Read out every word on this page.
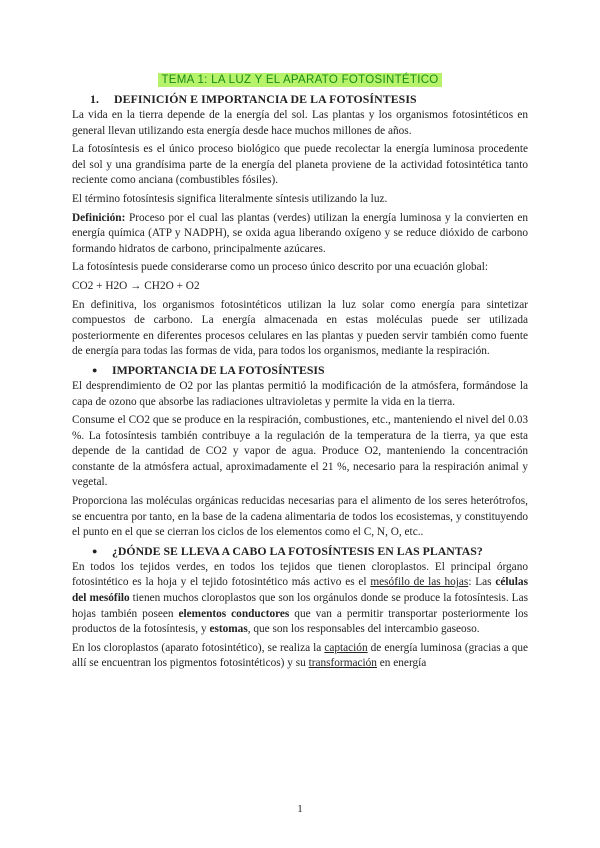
TEMA 1: LA LUZ Y EL APARATO FOTOSINTÉTICO
1. DEFINICIÓN E IMPORTANCIA DE LA FOTOSÍNTESIS

La vida en la tierra depende de la energía del sol. Las plantas y los organismos fotosintéticos en general llevan utilizando esta energía desde hace muchos millones de años.

La fotosíntesis es el único proceso biológico que puede recolectar la energía luminosa procedente del sol y una grandísima parte de la energía del planeta proviene de la actividad fotosintética tanto reciente como anciana (combustibles fósiles).

El término fotosíntesis significa literalmente síntesis utilizando la luz.

Definición: Proceso por el cual las plantas (verdes) utilizan la energía luminosa y la convierten en energía química (ATP y NADPH), se oxida agua liberando oxígeno y se reduce dióxido de carbono formando hidratos de carbono, principalmente azúcares.

La fotosíntesis puede considerarse como un proceso único descrito por una ecuación global:

CO2 + H2O → CH2O + O2

En definitiva, los organismos fotosintéticos utilizan la luz solar como energía para sintetizar compuestos de carbono. La energía almacenada en estas moléculas puede ser utilizada posteriormente en diferentes procesos celulares en las plantas y pueden servir también como fuente de energía para todas las formas de vida, para todos los organismos, mediante la respiración.

● IMPORTANCIA DE LA FOTOSÍNTESIS

El desprendimiento de O2 por las plantas permitió la modificación de la atmósfera, formándose la capa de ozono que absorbe las radiaciones ultravioletas y permite la vida en la tierra.

Consume el CO2 que se produce en la respiración, combustiones, etc., manteniendo el nivel del 0.03 %. La fotosíntesis también contribuye a la regulación de la temperatura de la tierra, ya que esta depende de la cantidad de CO2 y vapor de agua. Produce O2, manteniendo la concentración constante de la atmósfera actual, aproximadamente el 21 %, necesario para la respiración animal y vegetal.

Proporciona las moléculas orgánicas reducidas necesarias para el alimento de los seres heterótrofos, se encuentra por tanto, en la base de la cadena alimentaria de todos los ecosistemas, y constituyendo el punto en el que se cierran los ciclos de los elementos como el C, N, O, etc..

● ¿DÓNDE SE LLEVA A CABO LA FOTOSÍNTESIS EN LAS PLANTAS?

En todos los tejidos verdes, en todos los tejidos que tienen cloroplastos. El principal órgano fotosintético es la hoja y el tejido fotosintético más activo es el mesófilo de las hojas: Las células del mesófilo tienen muchos cloroplastos que son los orgánulos donde se produce la fotosíntesis. Las hojas también poseen elementos conductores que van a permitir transportar posteriormente los productos de la fotosíntesis, y estomas, que son los responsables del intercambio gaseoso.

En los cloroplastos (aparato fotosintético), se realiza la captación de energía luminosa (gracias a que allí se encuentran los pigmentos fotosintéticos) y su transformación en energía

1
